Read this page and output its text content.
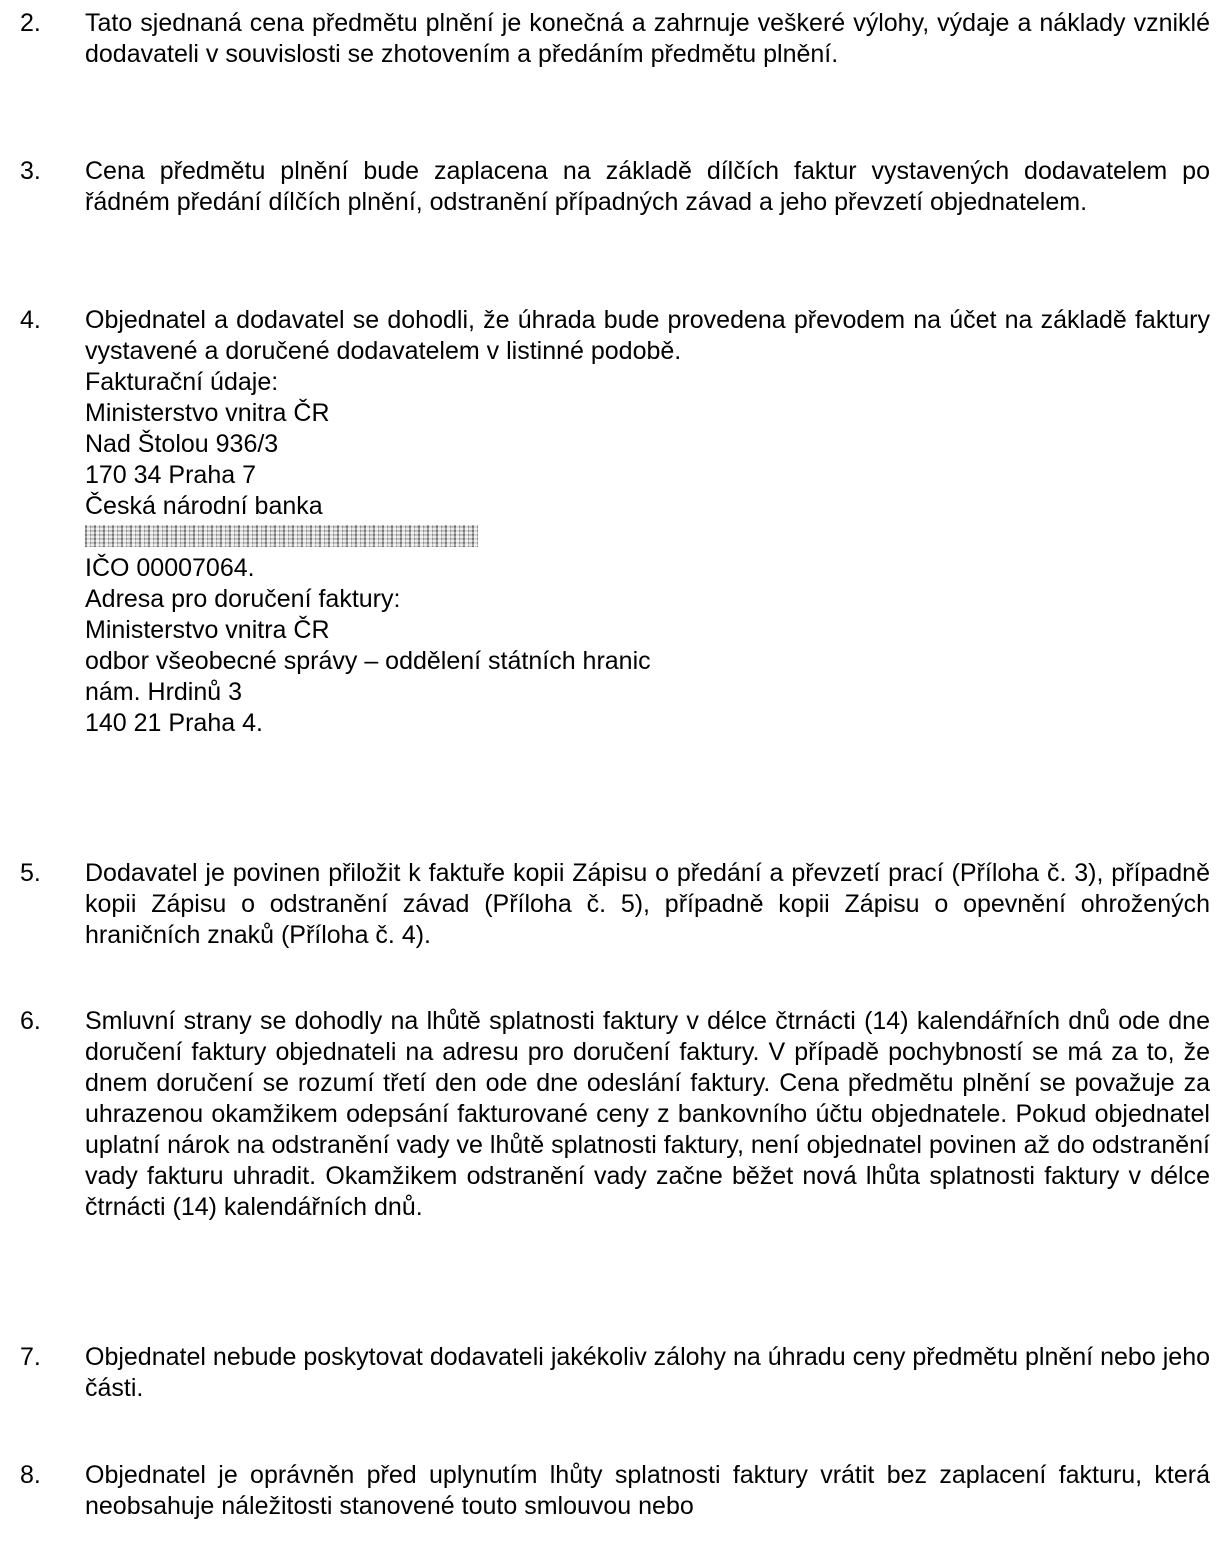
2. Tato sjednaná cena předmětu plnění je konečná a zahrnuje veškeré výlohy, výdaje a náklady vzniklé dodavateli v souvislosti se zhotovením a předáním předmětu plnění.
3. Cena předmětu plnění bude zaplacena na základě dílčích faktur vystavených dodavatelem po řádném předání dílčích plnění, odstranění případných závad a jeho převzetí objednatelem.
4. Objednatel a dodavatel se dohodli, že úhrada bude provedena převodem na účet na základě faktury vystavené a doručené dodavatelem v listinné podobě.
Fakturační údaje:
Ministerstvo vnitra ČR
Nad Štolou 936/3
170 34 Praha 7
Česká národní banka
IČO 00007064.
Adresa pro doručení faktury:
Ministerstvo vnitra ČR
odbor všeobecné správy – oddělení státních hranic
nám. Hrdinů 3
140 21 Praha 4.
5. Dodavatel je povinen přiložit k faktuře kopii Zápisu o předání a převzetí prací (Příloha č. 3), případně kopii Zápisu o odstranění závad (Příloha č. 5), případně kopii Zápisu o opevnění ohrožených hraničních znaků (Příloha č. 4).
6. Smluvní strany se dohodly na lhůtě splatnosti faktury v délce čtrnácti (14) kalendářních dnů ode dne doručení faktury objednateli na adresu pro doručení faktury. V případě pochybností se má za to, že dnem doručení se rozumí třetí den ode dne odeslání faktury. Cena předmětu plnění se považuje za uhrazenou okamžikem odepsání fakturované ceny z bankovního účtu objednatele. Pokud objednatel uplatní nárok na odstranění vady ve lhůtě splatnosti faktury, není objednatel povinen až do odstranění vady fakturu uhradit. Okamžikem odstranění vady začne běžet nová lhůta splatnosti faktury v délce čtrnácti (14) kalendářních dnů.
7. Objednatel nebude poskytovat dodavateli jakékoliv zálohy na úhradu ceny předmětu plnění nebo jeho části.
8. Objednatel je oprávněn před uplynutím lhůty splatnosti faktury vrátit bez zaplacení fakturu, která neobsahuje náležitosti stanovené touto smlouvou nebo
